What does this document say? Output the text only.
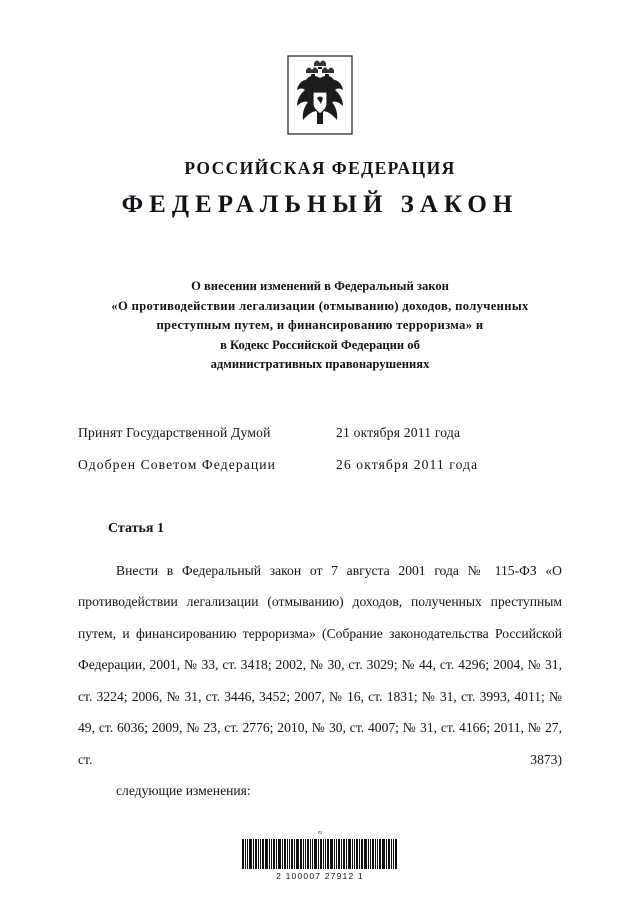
РОССИЙСКАЯ ФЕДЕРАЦИЯ
ФЕДЕРАЛЬНЫЙ ЗАКОН
О внесении изменений в Федеральный закон
«О противодействии легализации (отмыванию) доходов, полученных
преступным путем, и финансированию терроризма» и
в Кодекс Российской Федерации об
административных правонарушениях
Принят Государственной Думой	21 октября 2011 года
Одобрен Советом Федерации	26 октября 2011 года
Статья 1

Внести в Федеральный закон от 7 августа 2001 года № 115-ФЗ «О противодействии легализации (отмыванию) доходов, полученных преступным путем, и финансированию терроризма» (Собрание законодательства Российской Федерации, 2001, № 33, ст. 3418; 2002, № 30, ст. 3029; № 44, ст. 4296; 2004, № 31, ст. 3224; 2006, № 31, ст. 3446, 3452; 2007, № 16, ст. 1831; № 31, ст. 3993, 4011; № 49, ст. 6036; 2009, № 23, ст. 2776; 2010, № 30, ст. 4007; № 31, ст. 4166; 2011, № 27, ст. 3873)

следующие изменения:

≈
2 100007 27912 1
